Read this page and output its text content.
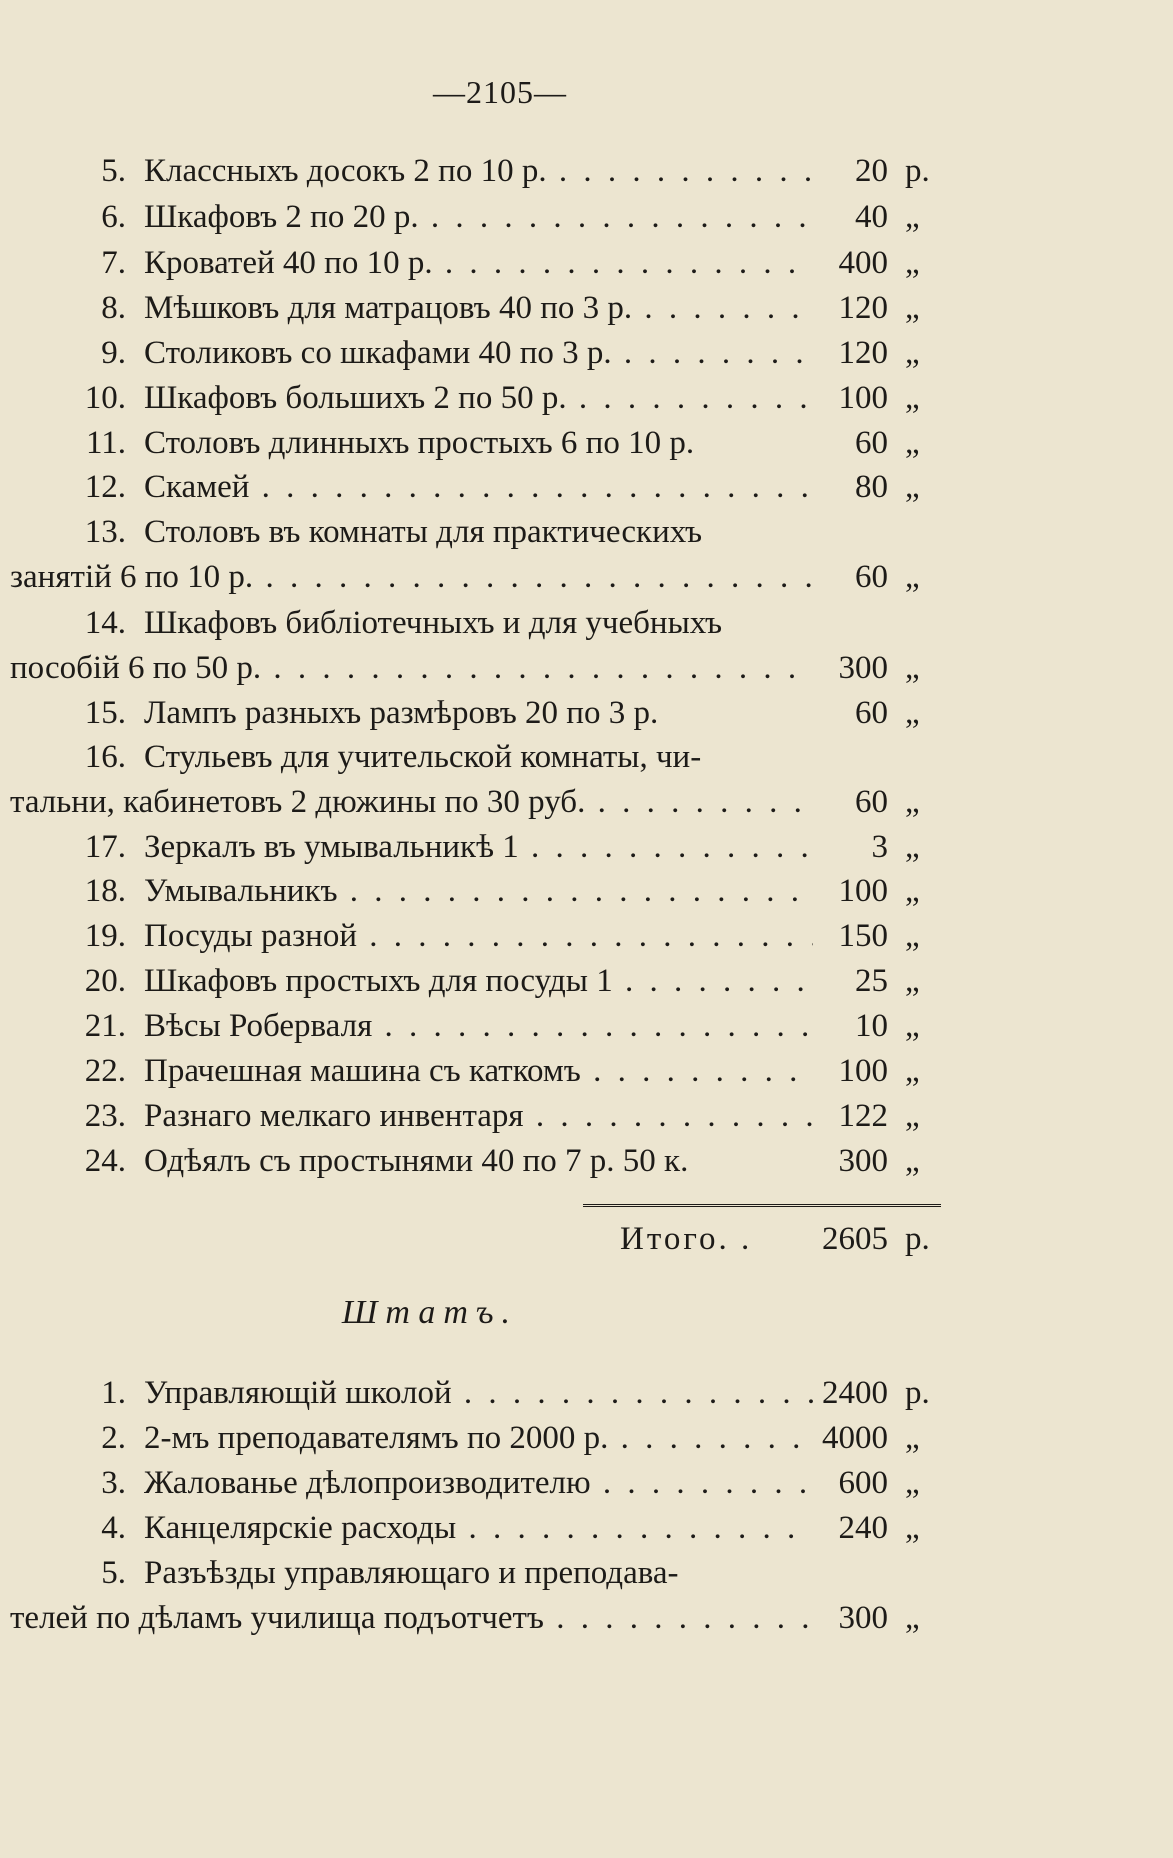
—2105—
5. Классныхъ досокъ 2 по 10 р. . . .	20 р.
6. Шкафовъ 2 по 20 р. . . .	40 „
7. Кроватей 40 по 10 р. . . .	400 „
8. Мѣшковъ для матрацовъ 40 по 3 р. . . .	120 „
9. Столиковъ со шкафами 40 по 3 р. . . .	120 „
10. Шкафовъ большихъ 2 по 50 р. . . .	100 „
11. Столовъ длинныхъ простыхъ 6 по 10 р.	60 „
12. Скамей . . .	80 „
13. Столовъ въ комнаты для практическихъ
занятій 6 по 10 р. . . .	60 „
14. Шкафовъ библіотечныхъ и для учебныхъ
пособій 6 по 50 р. . . .	300 „
15. Лампъ разныхъ размѣровъ 20 по 3 р.	60 „
16. Стульевъ для учительской комнаты, чи-
тальни, кабинетовъ 2 дюжины по 30 руб. . . .	60 „
17. Зеркалъ въ умывальникѣ 1 . . .	3 „
18. Умывальникъ . . .	100 „
19. Посуды разной . . .	150 „
20. Шкафовъ простыхъ для посуды 1 . . .	25 „
21. Вѣсы Роберваля . . .	10 „
22. Прачешная машина съ каткомъ . . .	100 „
23. Разнаго мелкаго инвентаря . . .	122 „
24. Одѣялъ съ простынями 40 по 7 р. 50 к.	300 „
Итого. . 2605 р.
Штатъ.
1. Управляющій школой . . .	2400 р.
2. 2-мъ преподавателямъ по 2000 р. . . .	4000 „
3. Жалованье дѣлопроизводителю . . .	600 „
4. Канцелярскіе расходы . . .	240 „
5. Разъѣзды управляющаго и преподава-
телей по дѣламъ училища подъотчетъ . . .	300 „
